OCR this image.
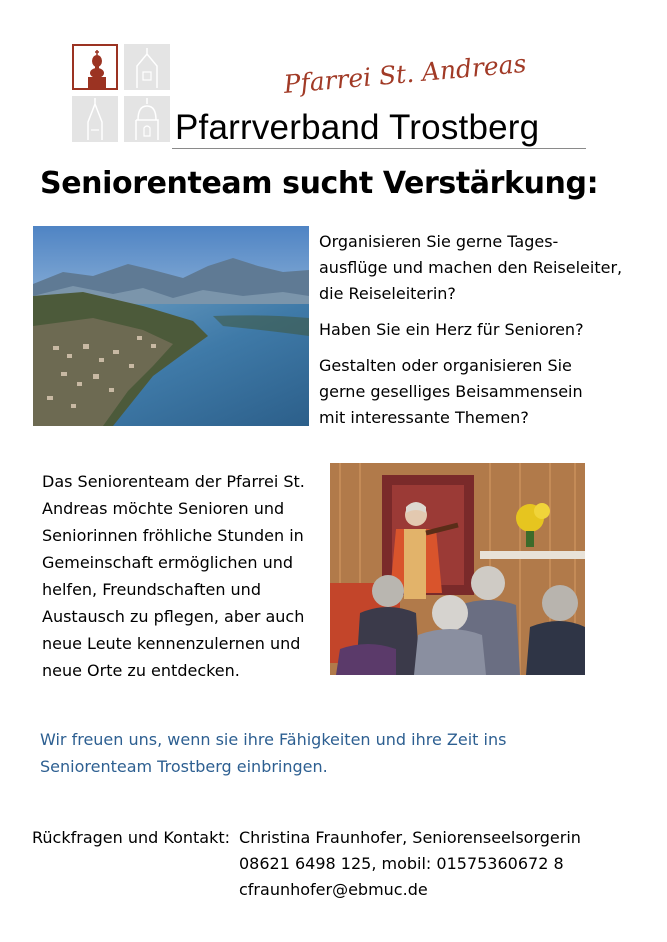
Pfarrei St. Andreas
Pfarrverband Trostberg
Seniorenteam sucht Verstärkung:

Organisieren Sie gerne Tages-
ausflüge und machen den Reiseleiter,
die Reiseleiterin?

Haben Sie ein Herz für Senioren?

Gestalten oder organisieren Sie
gerne geselliges Beisammensein
mit interessante Themen?

Das Seniorenteam der Pfarrei St.
Andreas möchte Senioren und
Seniorinnen fröhliche Stunden in
Gemeinschaft ermöglichen und
helfen, Freundschaften und
Austausch zu pflegen, aber auch
neue Leute kennenzulernen und
neue Orte zu entdecken.
Wir freuen uns, wenn sie ihre Fähigkeiten und ihre Zeit ins
Seniorenteam Trostberg einbringen.
Rückfragen und Kontakt: Christina Fraunhofer, Seniorenseelsorgerin
08621 6498 125, mobil: 01575360672 8
cfraunhofer@ebmuc.de
